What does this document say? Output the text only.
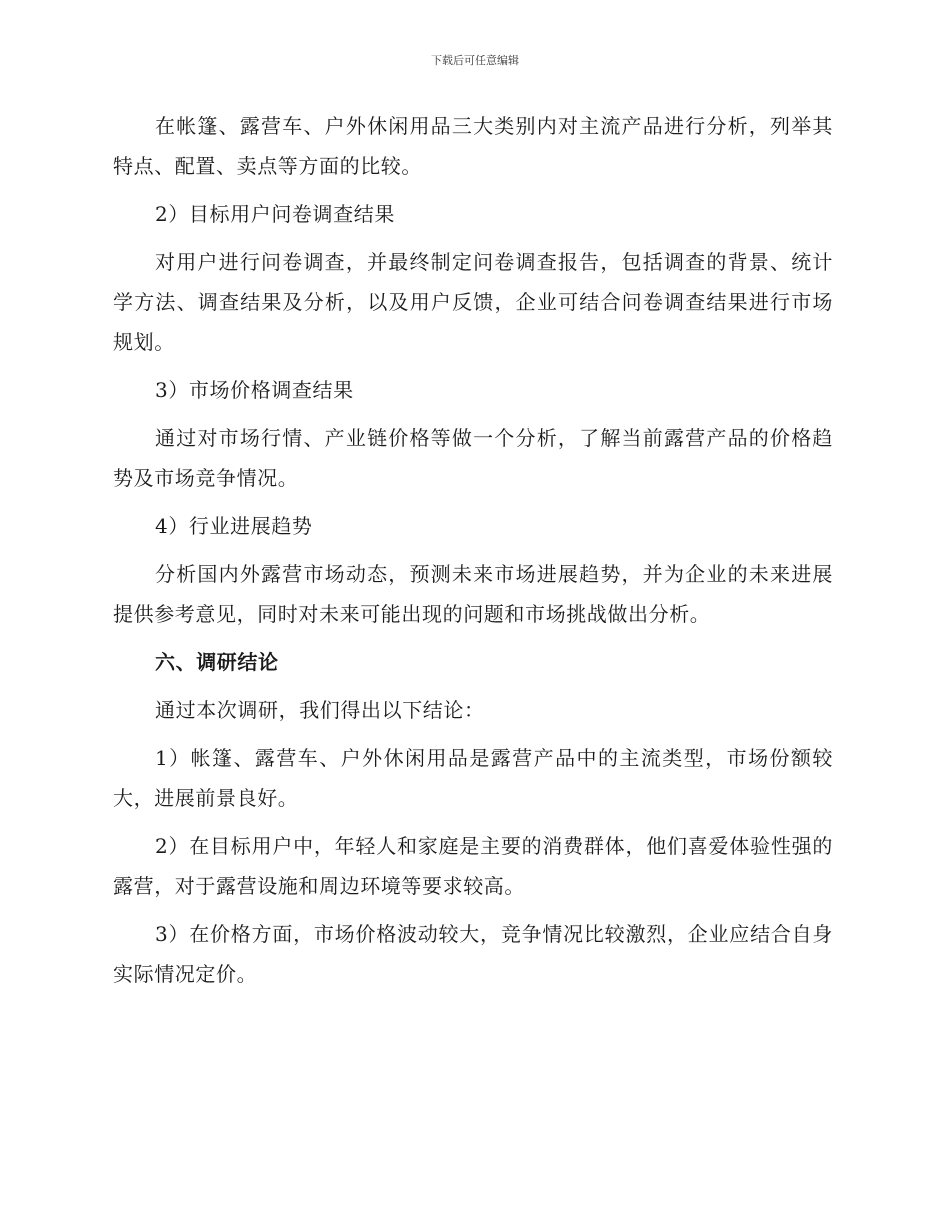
下载后可任意编辑

在帐篷、露营车、户外休闲用品三大类别内对主流产品进行分析，列举其特点、配置、卖点等方面的比较。

2）目标用户问卷调查结果

对用户进行问卷调查，并最终制定问卷调查报告，包括调查的背景、统计学方法、调查结果及分析，以及用户反馈，企业可结合问卷调查结果进行市场规划。

3）市场价格调查结果

通过对市场行情、产业链价格等做一个分析，了解当前露营产品的价格趋势及市场竞争情况。

4）行业进展趋势

分析国内外露营市场动态，预测未来市场进展趋势，并为企业的未来进展提供参考意见，同时对未来可能出现的问题和市场挑战做出分析。

六、调研结论

通过本次调研，我们得出以下结论：

1）帐篷、露营车、户外休闲用品是露营产品中的主流类型，市场份额较大，进展前景良好。

2）在目标用户中，年轻人和家庭是主要的消费群体，他们喜爱体验性强的露营，对于露营设施和周边环境等要求较高。

3）在价格方面，市场价格波动较大，竞争情况比较激烈，企业应结合自身实际情况定价。
